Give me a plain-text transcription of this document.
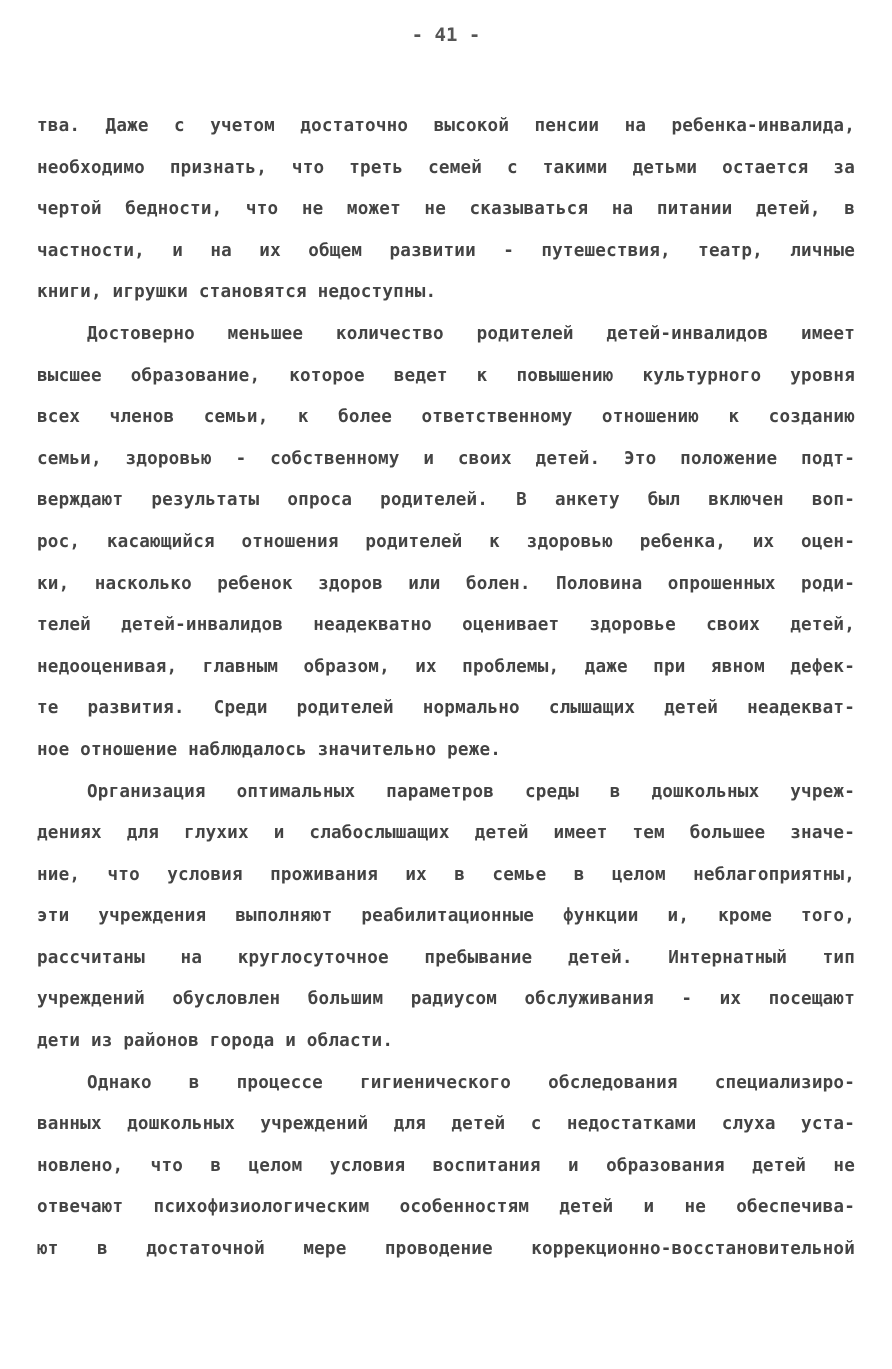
- 41 -
тва. Даже с учетом достаточно высокой пенсии на ребенка-инвалида,
необходимо признать, что треть семей с такими детьми остается за
чертой бедности, что не может не сказываться на питании детей, в
частности, и на их общем развитии - путешествия, театр, личные
книги, игрушки становятся недоступны.
Достоверно меньшее количество родителей детей-инвалидов имеет
высшее образование, которое ведет к повышению культурного уровня
всех членов семьи, к более ответственному отношению к созданию
семьи, здоровью - собственному и своих детей. Это положение подт-
верждают результаты опроса родителей. В анкету был включен воп-
рос, касающийся отношения родителей к здоровью ребенка, их оцен-
ки, насколько ребенок здоров или болен. Половина опрошенных роди-
телей детей-инвалидов неадекватно оценивает здоровье своих детей,
недооценивая, главным образом, их проблемы, даже при явном дефек-
те развития. Среди родителей нормально слышащих детей неадекват-
ное отношение наблюдалось значительно реже.
Организация оптимальных параметров среды в дошкольных учреж-
дениях для глухих и слабослышащих детей имеет тем большее значе-
ние, что условия проживания их в семье в целом неблагоприятны,
эти учреждения выполняют реабилитационные функции и, кроме того,
рассчитаны на круглосуточное пребывание детей. Интернатный тип
учреждений обусловлен большим радиусом обслуживания - их посещают
дети из районов города и области.
Однако в процессе гигиенического обследования специализиро-
ванных дошкольных учреждений для детей с недостатками слуха уста-
новлено, что в целом условия воспитания и образования детей не
отвечают психофизиологическим особенностям детей и не обеспечива-
ют в достаточной мере проводение коррекционно-восстановительной
